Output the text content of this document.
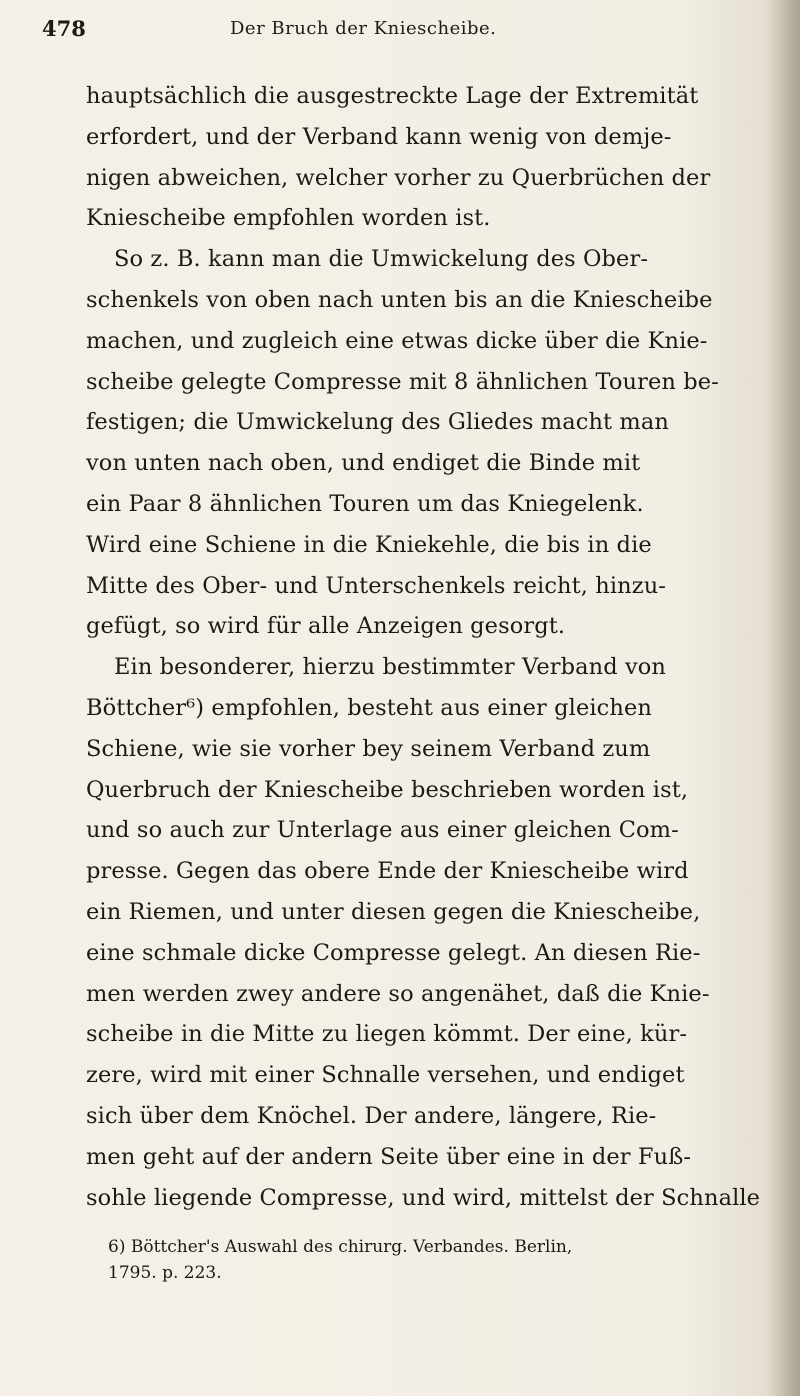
478	Der Bruch der Kniescheibe.
hauptsächlich die ausgestreckte Lage der Extremität
erfordert, und der Verband kann wenig von demje-
nigen abweichen, welcher vorher zu Querbrüchen der
Kniescheibe empfohlen worden ist.
So z. B. kann man die Umwickelung des Ober-
schenkels von oben nach unten bis an die Kniescheibe
machen, und zugleich eine etwas dicke über die Knie-
scheibe gelegte Compresse mit 8 ähnlichen Touren be-
festigen; die Umwickelung des Gliedes macht man
von unten nach oben, und endiget die Binde mit
ein Paar 8 ähnlichen Touren um das Kniegelenk.
Wird eine Schiene in die Kniekehle, die bis in die
Mitte des Ober- und Unterschenkels reicht, hinzu-
gefügt, so wird für alle Anzeigen gesorgt.
Ein besonderer, hierzu bestimmter Verband von
Böttcher⁶) empfohlen, besteht aus einer gleichen
Schiene, wie sie vorher bey seinem Verband zum
Querbruch der Kniescheibe beschrieben worden ist,
und so auch zur Unterlage aus einer gleichen Com-
presse. Gegen das obere Ende der Kniescheibe wird
ein Riemen, und unter diesen gegen die Kniescheibe,
eine schmale dicke Compresse gelegt. An diesen Rie-
men werden zwey andere so angenähet, daß die Knie-
scheibe in die Mitte zu liegen kömmt. Der eine, kür-
zere, wird mit einer Schnalle versehen, und endiget
sich über dem Knöchel. Der andere, längere, Rie-
men geht auf der andern Seite über eine in der Fuß-
sohle liegende Compresse, und wird, mittelst der Schnalle
6) Böttcher's Auswahl des chirurg. Verbandes. Berlin,
1795. p. 223.
